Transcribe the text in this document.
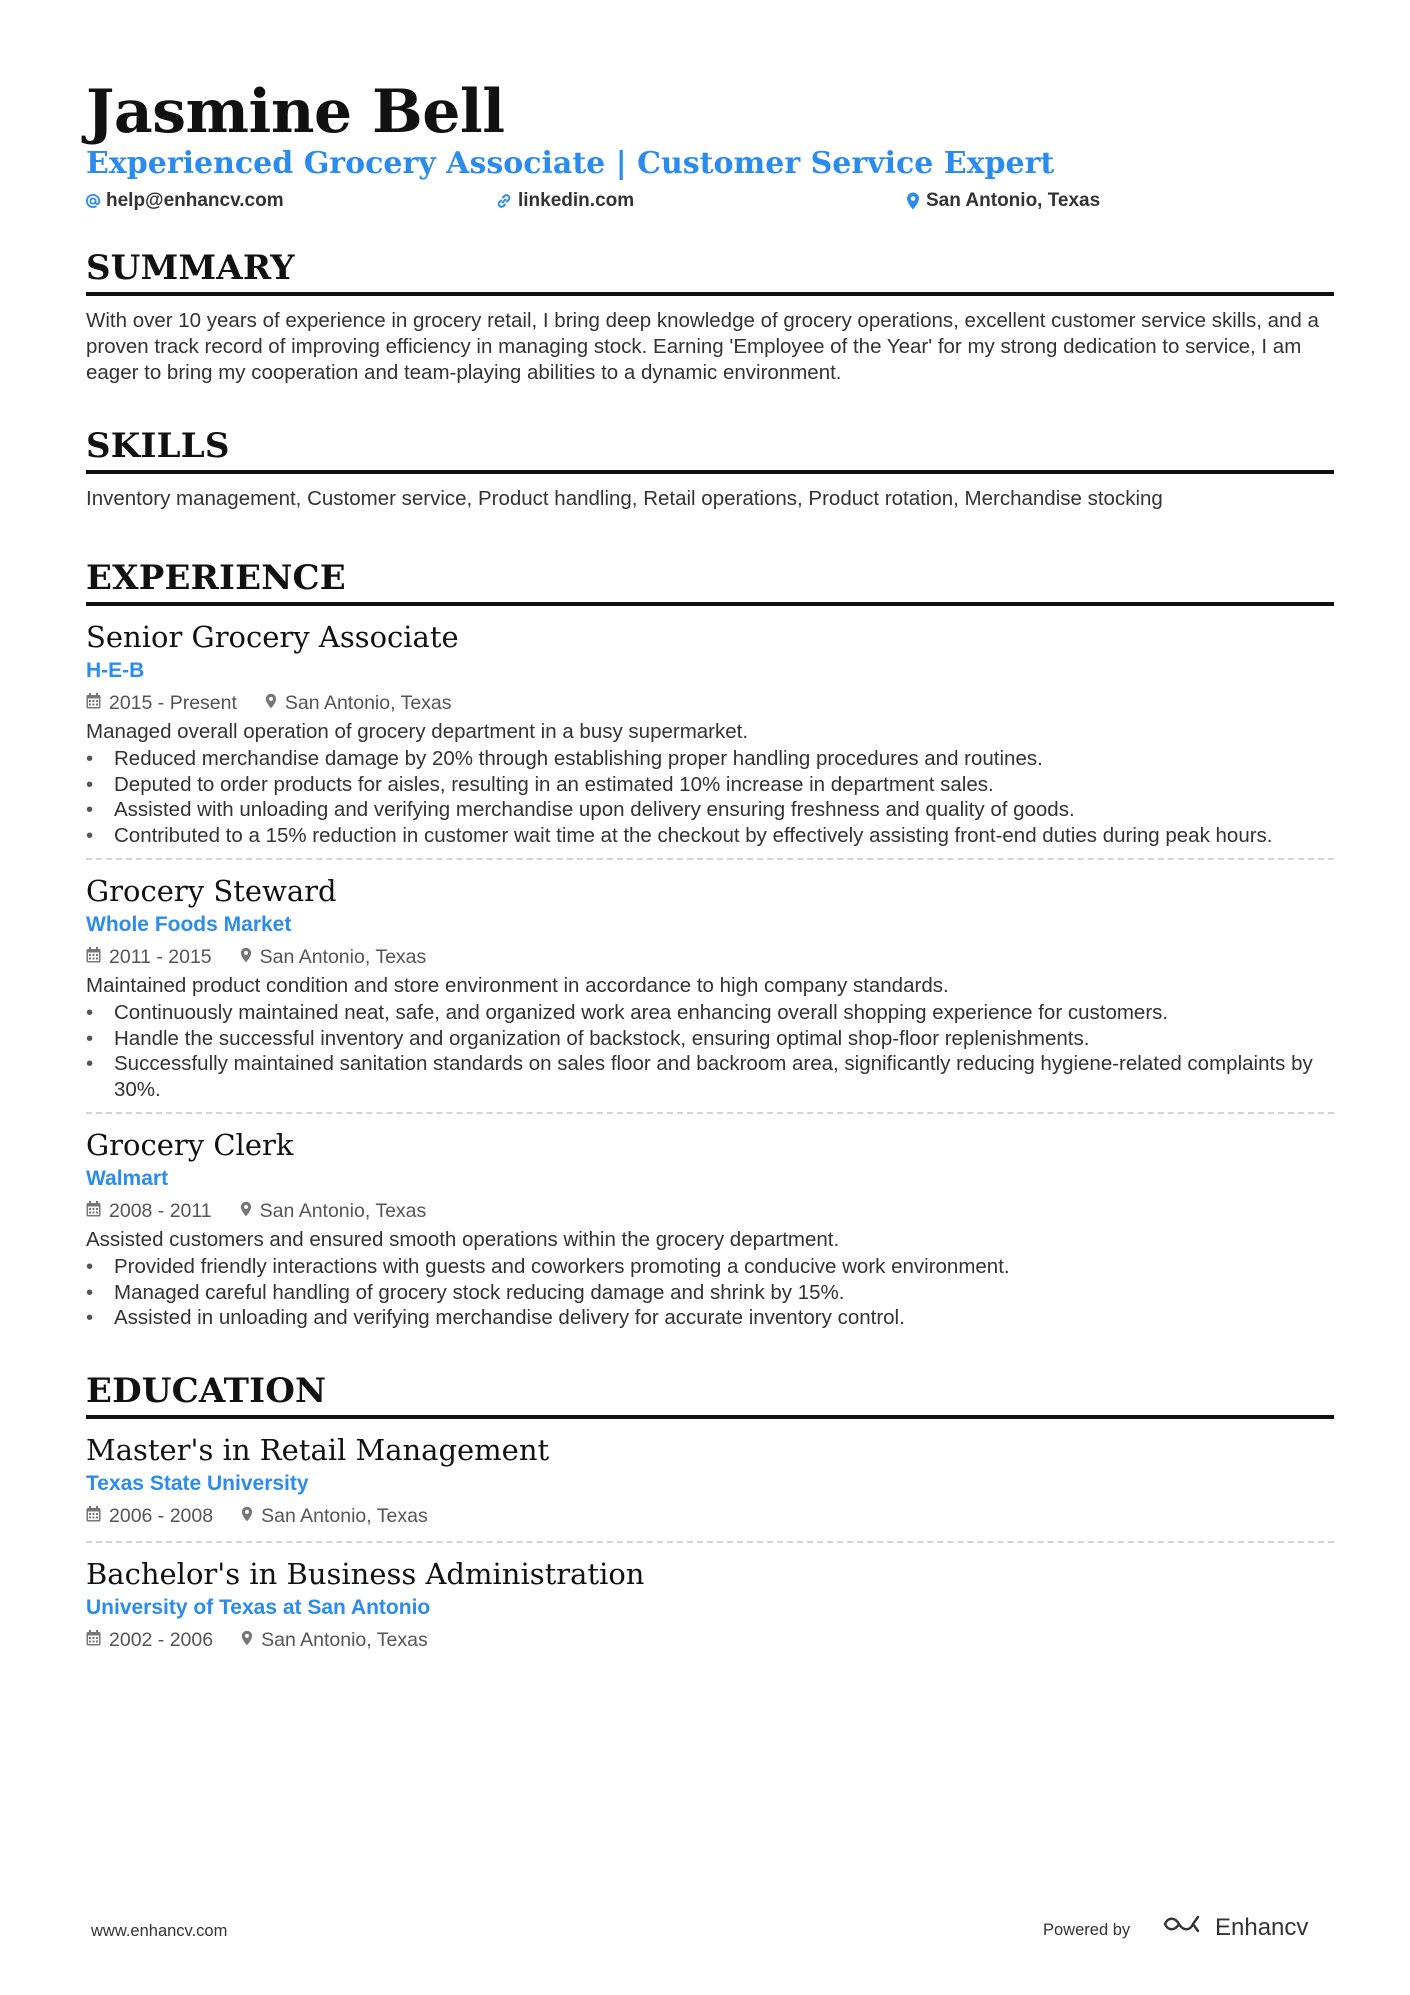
Jasmine Bell
Experienced Grocery Associate | Customer Service Expert
help@enhancv.com	linkedin.com	San Antonio, Texas
SUMMARY
With over 10 years of experience in grocery retail, I bring deep knowledge of grocery operations, excellent customer service skills, and a proven track record of improving efficiency in managing stock. Earning 'Employee of the Year' for my strong dedication to service, I am eager to bring my cooperation and team-playing abilities to a dynamic environment.
SKILLS
Inventory management, Customer service, Product handling, Retail operations, Product rotation, Merchandise stocking
EXPERIENCE
Senior Grocery Associate
H-E-B
2015 - Present San Antonio, Texas
Managed overall operation of grocery department in a busy supermarket.
• Reduced merchandise damage by 20% through establishing proper handling procedures and routines.
• Deputed to order products for aisles, resulting in an estimated 10% increase in department sales.
• Assisted with unloading and verifying merchandise upon delivery ensuring freshness and quality of goods.
• Contributed to a 15% reduction in customer wait time at the checkout by effectively assisting front-end duties during peak hours.
Grocery Steward
Whole Foods Market
2011 - 2015 San Antonio, Texas
Maintained product condition and store environment in accordance to high company standards.
• Continuously maintained neat, safe, and organized work area enhancing overall shopping experience for customers.
• Handle the successful inventory and organization of backstock, ensuring optimal shop-floor replenishments.
• Successfully maintained sanitation standards on sales floor and backroom area, significantly reducing hygiene-related complaints by 30%.
Grocery Clerk
Walmart
2008 - 2011 San Antonio, Texas
Assisted customers and ensured smooth operations within the grocery department.
• Provided friendly interactions with guests and coworkers promoting a conducive work environment.
• Managed careful handling of grocery stock reducing damage and shrink by 15%.
• Assisted in unloading and verifying merchandise delivery for accurate inventory control.
EDUCATION
Master's in Retail Management
Texas State University
2006 - 2008 San Antonio, Texas
Bachelor's in Business Administration
University of Texas at San Antonio
2002 - 2006 San Antonio, Texas
www.enhancv.com	Powered by	Enhancv
